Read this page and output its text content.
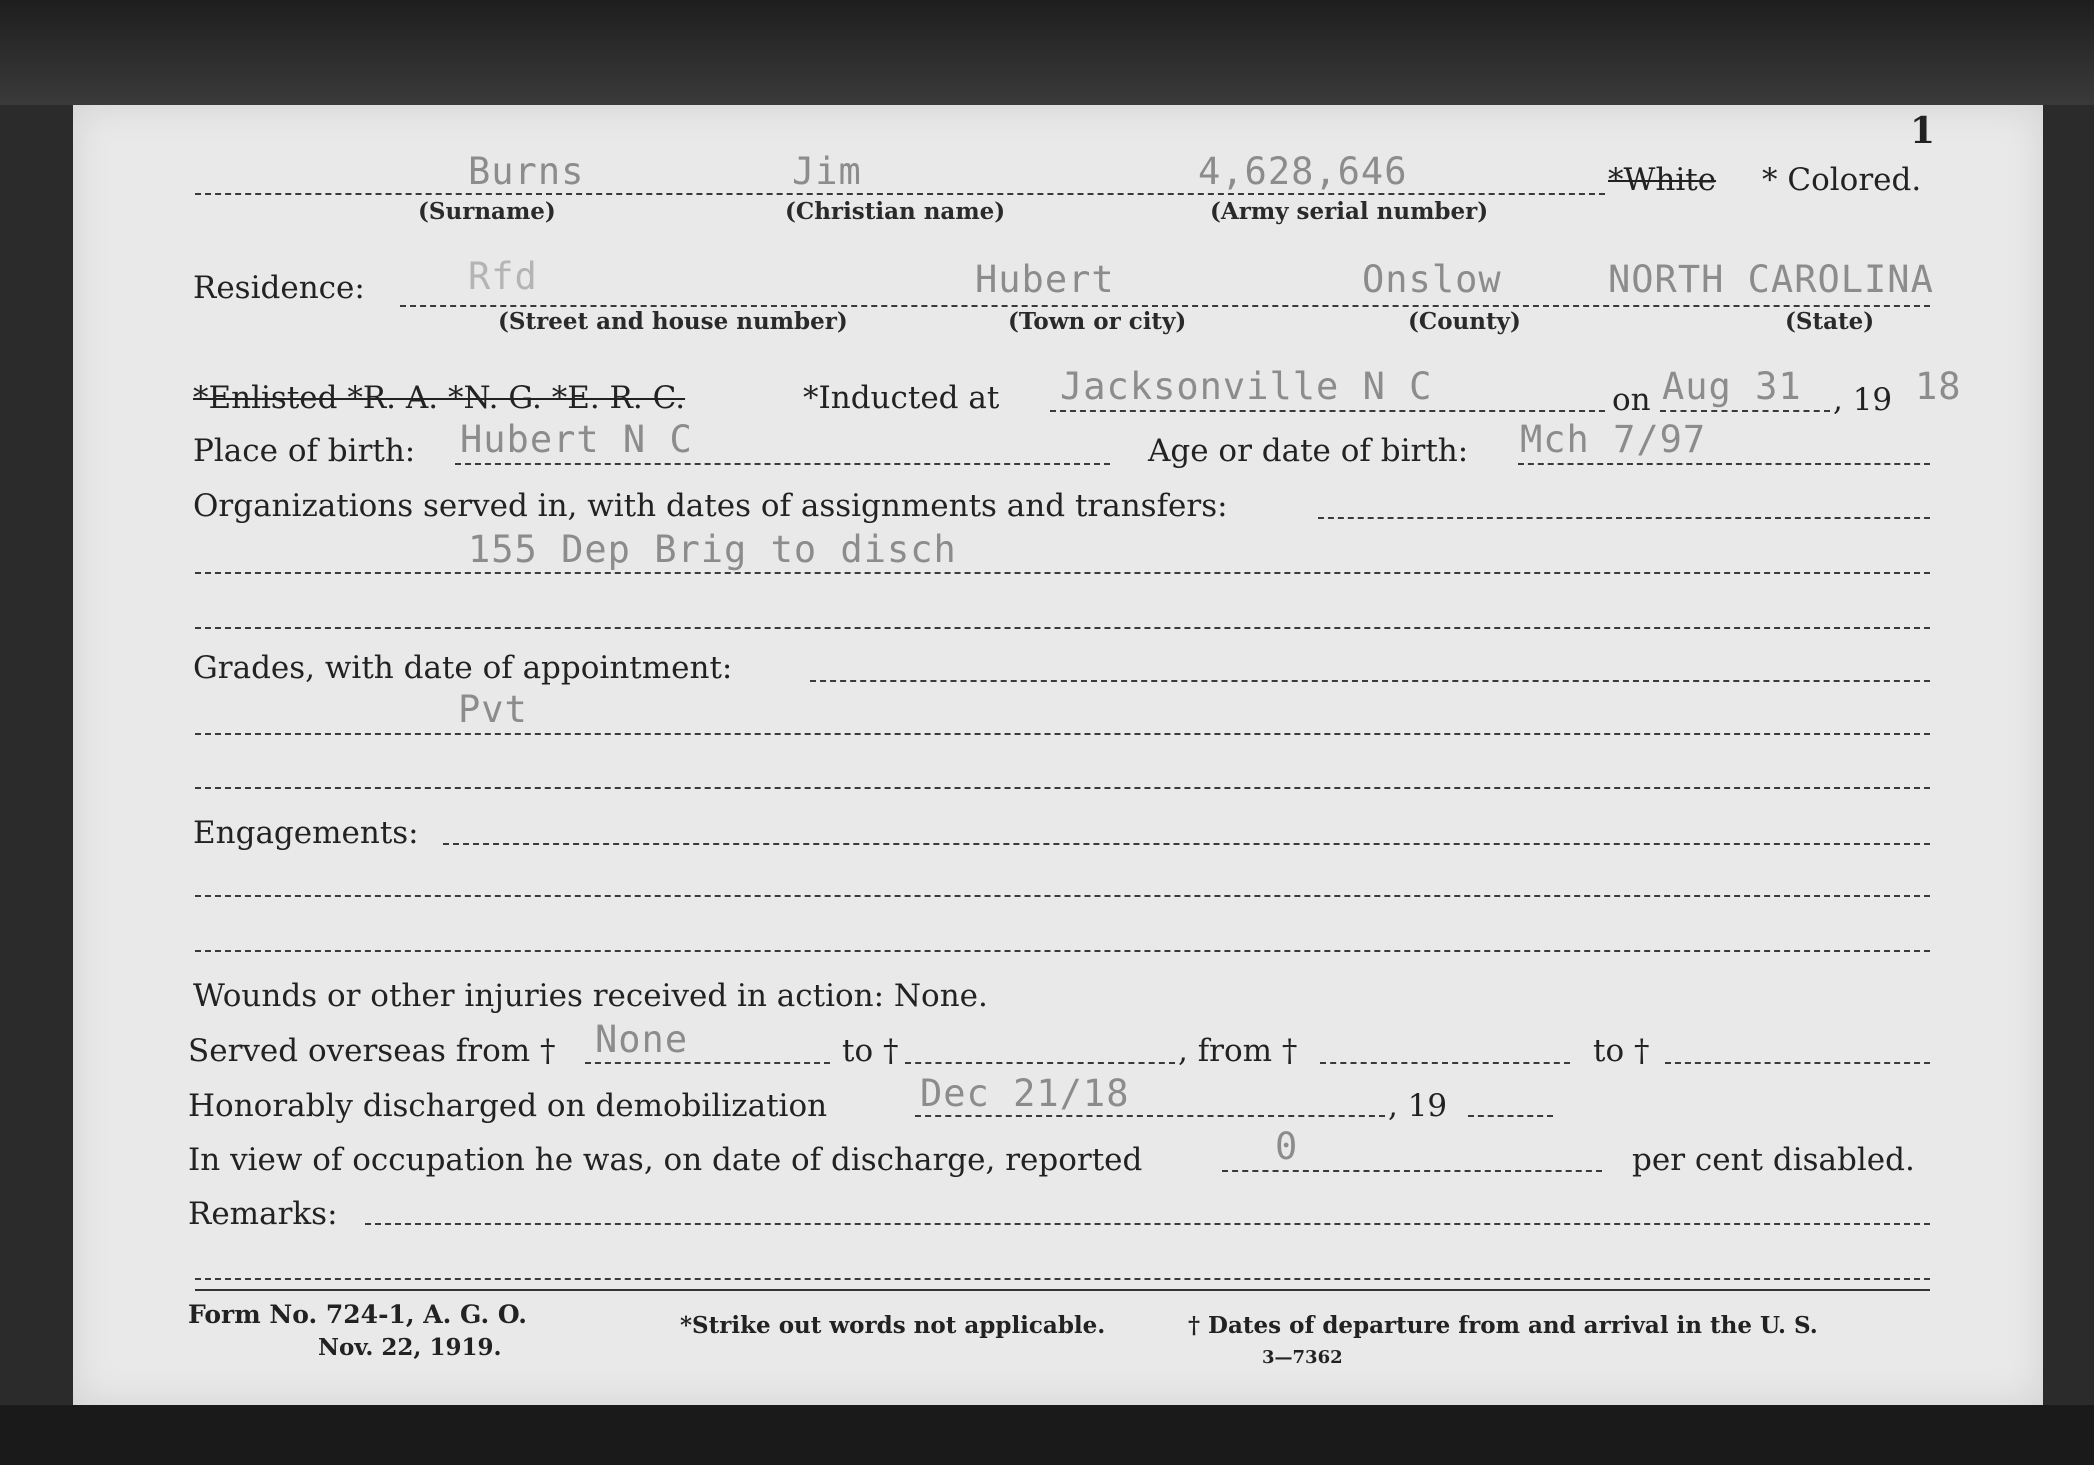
1
Burns	Jim	4,628,646	*White * Colored.
(Surname)	(Christian name)	(Army serial number)
Residence:	Rfd	Hubert	Onslow	NORTH CAROLINA
(Street and house number)	(Town or city)	(County)	(State)
*Enlisted *R. A. *N. G. *E. R. C.	*Inducted at Jacksonville N C	on Aug 31 , 19 18
Place of birth: Hubert N C	Age or date of birth: Mch 7/97
Organizations served in, with dates of assignments and transfers:
155 Dep Brig to disch
Grades, with date of appointment:
Pvt
Engagements:
Wounds or other injuries received in action: None.
Served overseas from † None	to †	, from †	to †
Honorably discharged on demobilization	Dec 21/18	, 19
In view of occupation he was, on date of discharge, reported	0	per cent disabled.
Remarks:
Form No. 724-1, A. G. O.
Nov. 22, 1919.
*Strike out words not applicable.	† Dates of departure from and arrival in the U. S.
3—7362
